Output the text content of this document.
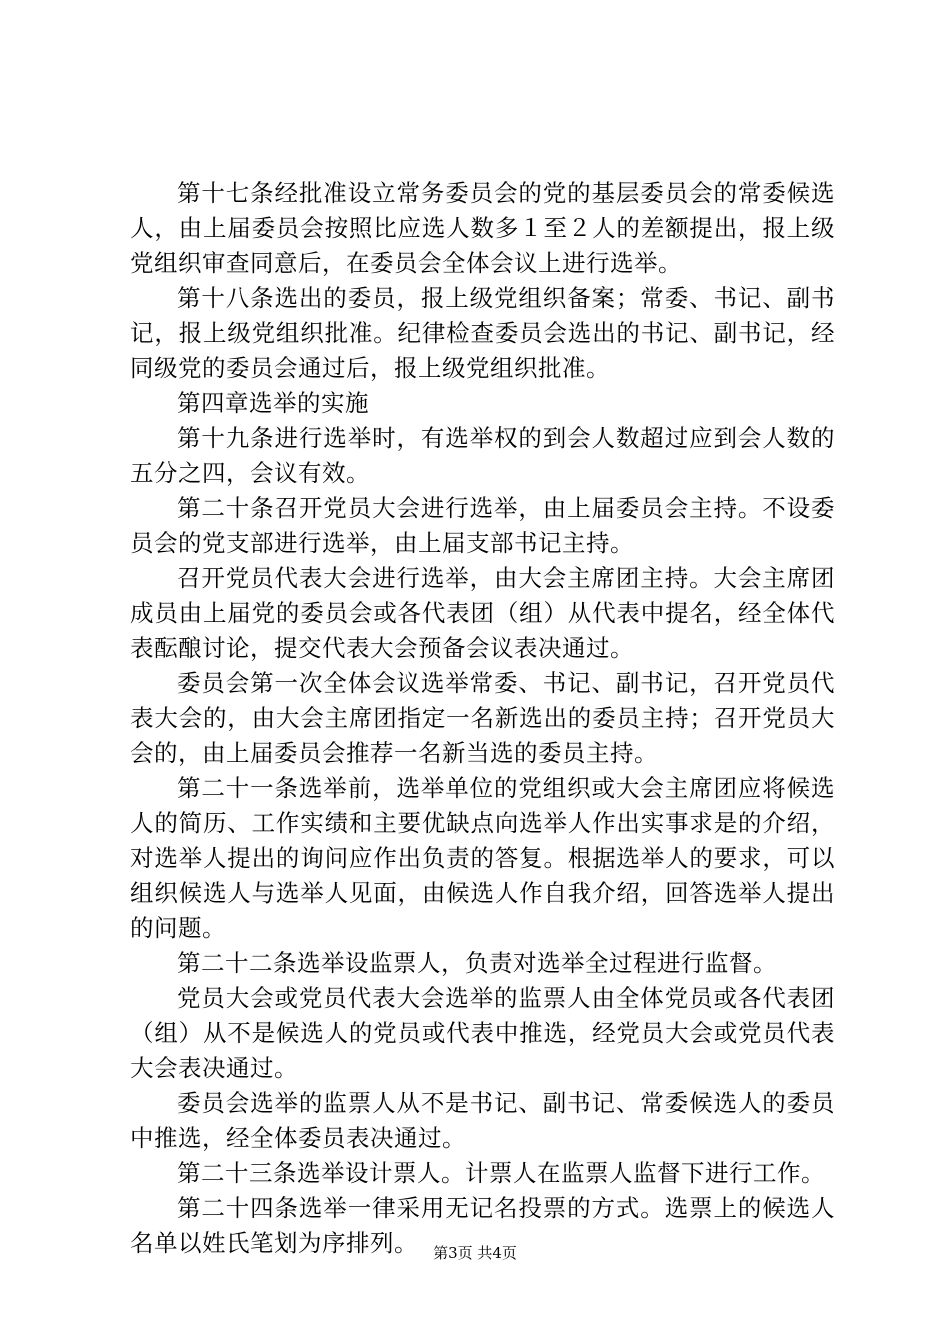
第十七条经批准设立常务委员会的党的基层委员会的常委候选人，由上届委员会按照比应选人数多１至２人的差额提出，报上级党组织审查同意后，在委员会全体会议上进行选举。

第十八条选出的委员，报上级党组织备案；常委、书记、副书记，报上级党组织批准。纪律检查委员会选出的书记、副书记，经同级党的委员会通过后，报上级党组织批准。

第四章选举的实施

第十九条进行选举时，有选举权的到会人数超过应到会人数的五分之四，会议有效。

第二十条召开党员大会进行选举，由上届委员会主持。不设委员会的党支部进行选举，由上届支部书记主持。

召开党员代表大会进行选举，由大会主席团主持。大会主席团成员由上届党的委员会或各代表团（组）从代表中提名，经全体代表酝酿讨论，提交代表大会预备会议表决通过。

委员会第一次全体会议选举常委、书记、副书记，召开党员代表大会的，由大会主席团指定一名新选出的委员主持；召开党员大会的，由上届委员会推荐一名新当选的委员主持。

第二十一条选举前，选举单位的党组织或大会主席团应将候选人的简历、工作实绩和主要优缺点向选举人作出实事求是的介绍，对选举人提出的询问应作出负责的答复。根据选举人的要求，可以组织候选人与选举人见面，由候选人作自我介绍，回答选举人提出的问题。

第二十二条选举设监票人，负责对选举全过程进行监督。

党员大会或党员代表大会选举的监票人由全体党员或各代表团（组）从不是候选人的党员或代表中推选，经党员大会或党员代表大会表决通过。

委员会选举的监票人从不是书记、副书记、常委候选人的委员中推选，经全体委员表决通过。

第二十三条选举设计票人。计票人在监票人监督下进行工作。

第二十四条选举一律采用无记名投票的方式。选票上的候选人名单以姓氏笔划为序排列。	第3页 共4页
